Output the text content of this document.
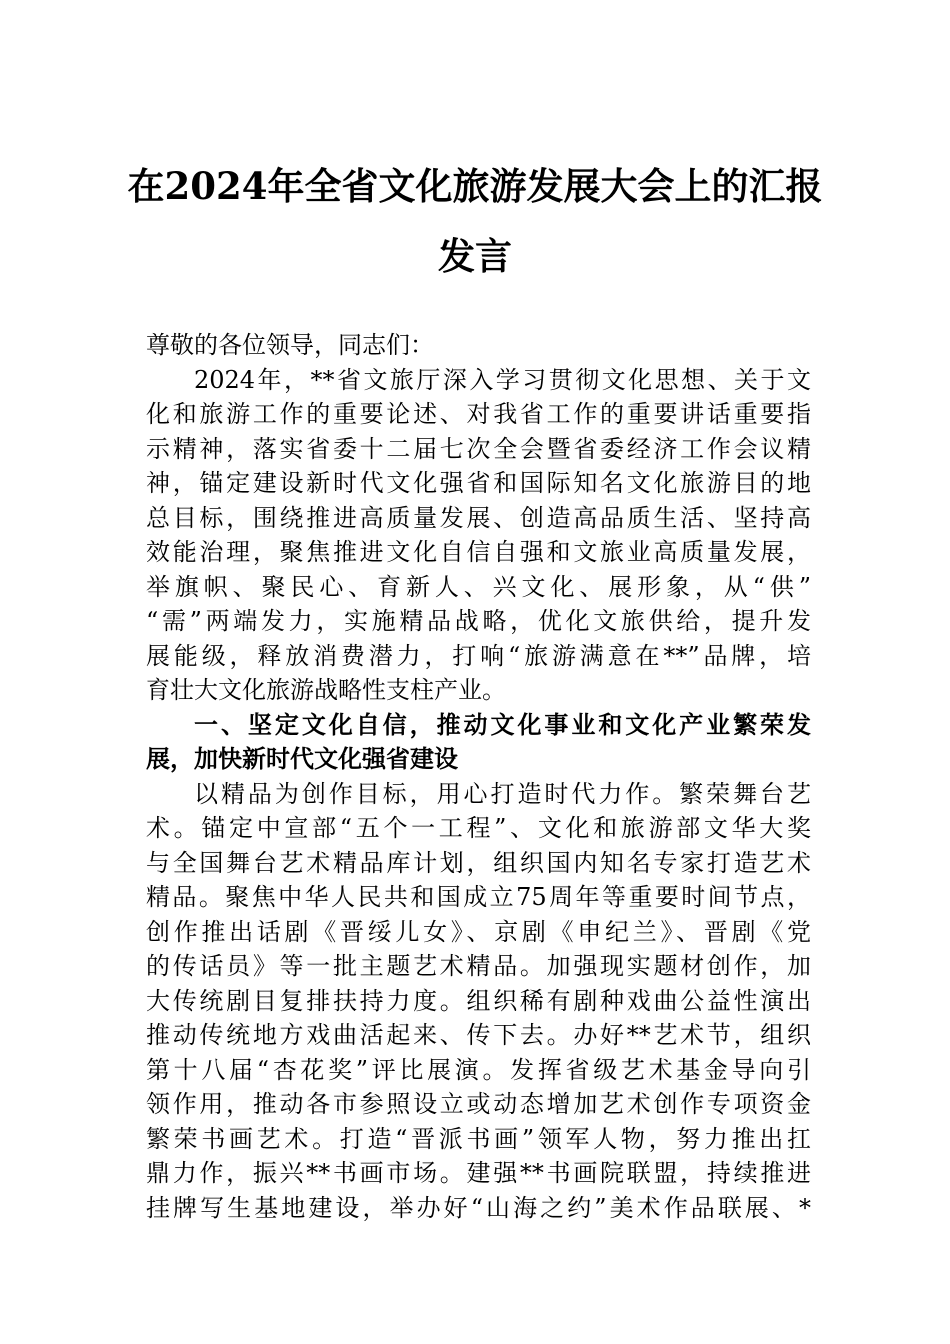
在2024年全省文化旅游发展大会上的汇报
发言
尊敬的各位领导，同志们：
2024年，**省文旅厅深入学习贯彻文化思想、关于文
化和旅游工作的重要论述、对我省工作的重要讲话重要指
示精神，落实省委十二届七次全会暨省委经济工作会议精
神，锚定建设新时代文化强省和国际知名文化旅游目的地
总目标，围绕推进高质量发展、创造高品质生活、坚持高
效能治理，聚焦推进文化自信自强和文旅业高质量发展，
举旗帜、聚民心、育新人、兴文化、展形象，从“供”
“需”两端发力，实施精品战略，优化文旅供给，提升发
展能级，释放消费潜力，打响“旅游满意在**”品牌，培
育壮大文化旅游战略性支柱产业。
一、坚定文化自信，推动文化事业和文化产业繁荣发
展，加快新时代文化强省建设
以精品为创作目标，用心打造时代力作。繁荣舞台艺
术。锚定中宣部“五个一工程”、文化和旅游部文华大奖
与全国舞台艺术精品库计划，组织国内知名专家打造艺术
精品。聚焦中华人民共和国成立75周年等重要时间节点，
创作推出话剧《晋绥儿女》、京剧《申纪兰》、晋剧《党
的传话员》等一批主题艺术精品。加强现实题材创作，加
大传统剧目复排扶持力度。组织稀有剧种戏曲公益性演出
推动传统地方戏曲活起来、传下去。办好**艺术节，组织
第十八届“杏花奖”评比展演。发挥省级艺术基金导向引
领作用，推动各市参照设立或动态增加艺术创作专项资金
繁荣书画艺术。打造“晋派书画”领军人物，努力推出扛
鼎力作，振兴**书画市场。建强**书画院联盟，持续推进
挂牌写生基地建设，举办好“山海之约”美术作品联展、*
